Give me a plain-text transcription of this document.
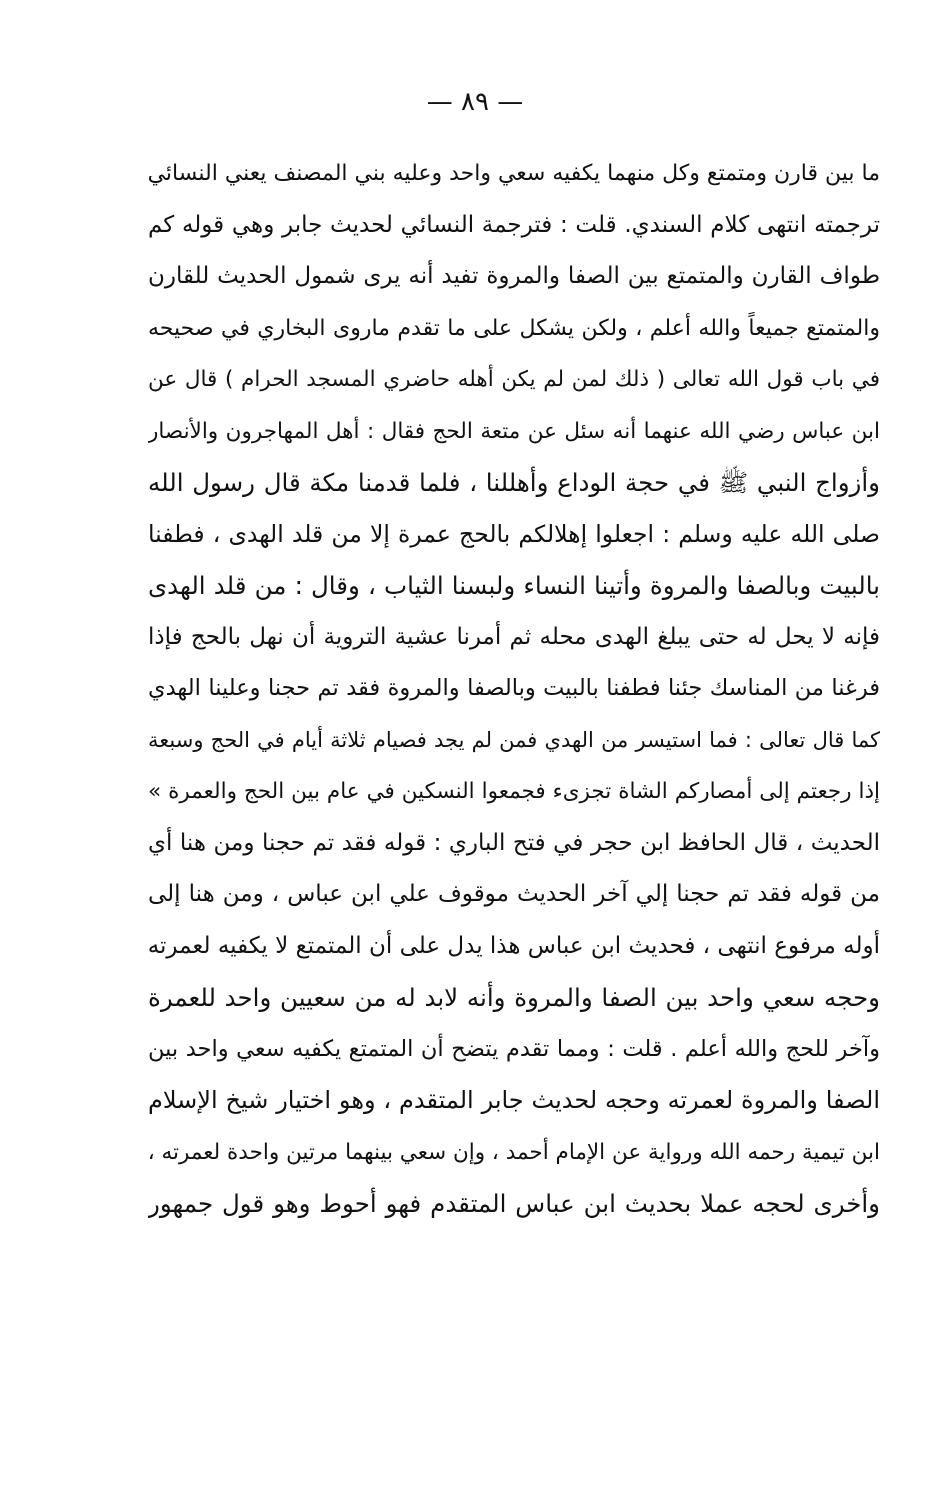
— ٨٩ —
ما بين قارن ومتمتع وكل منهما يكفيه سعي واحد وعليه بني المصنف يعني النسائي
ترجمته انتهى كلام السندي. قلت : فترجمة النسائي لحديث جابر وهي قوله كم
طواف القارن والمتمتع بين الصفا والمروة تفيد أنه يرى شمول الحديث للقارن
والمتمتع جميعاً والله أعلم ، ولكن يشكل على ما تقدم ماروى البخاري في صحيحه
في باب قول الله تعالى ( ذلك لمن لم يكن أهله حاضري المسجد الحرام ) قال عن
ابن عباس رضي الله عنهما أنه سئل عن متعة الحج فقال : أهل المهاجرون والأنصار
وأزواج النبي ﷺ في حجة الوداع وأهللنا ، فلما قدمنا مكة قال رسول الله
صلى الله عليه وسلم : اجعلوا إهلالكم بالحج عمرة إلا من قلد الهدى ، فطفنا
بالبيت وبالصفا والمروة وأتينا النساء ولبسنا الثياب ، وقال : من قلد الهدى
فإنه لا يحل له حتى يبلغ الهدى محله ثم أمرنا عشية التروية أن نهل بالحج فإذا
فرغنا من المناسك جئنا فطفنا بالبيت وبالصفا والمروة فقد تم حجنا وعلينا الهدي
كما قال تعالى : فما استيسر من الهدي فمن لم يجد فصيام ثلاثة أيام في الحج وسبعة
إذا رجعتم إلى أمصاركم الشاة تجزىء فجمعوا النسكين في عام بين الحج والعمرة »
الحديث ، قال الحافظ ابن حجر في فتح الباري : قوله فقد تم حجنا ومن هنا أي
من قوله فقد تم حجنا إلي آخر الحديث موقوف علي ابن عباس ، ومن هنا إلى
أوله مرفوع انتهى ، فحديث ابن عباس هذا يدل على أن المتمتع لا يكفيه لعمرته
وحجه سعي واحد بين الصفا والمروة وأنه لابد له من سعيين واحد للعمرة
وآخر للحج والله أعلم . قلت : ومما تقدم يتضح أن المتمتع يكفيه سعي واحد بين
الصفا والمروة لعمرته وحجه لحديث جابر المتقدم ، وهو اختيار شيخ الإسلام
ابن تيمية رحمه الله ورواية عن الإمام أحمد ، وإن سعي بينهما مرتين واحدة لعمرته ،
وأخرى لحجه عملا بحديث ابن عباس المتقدم فهو أحوط وهو قول جمهور
